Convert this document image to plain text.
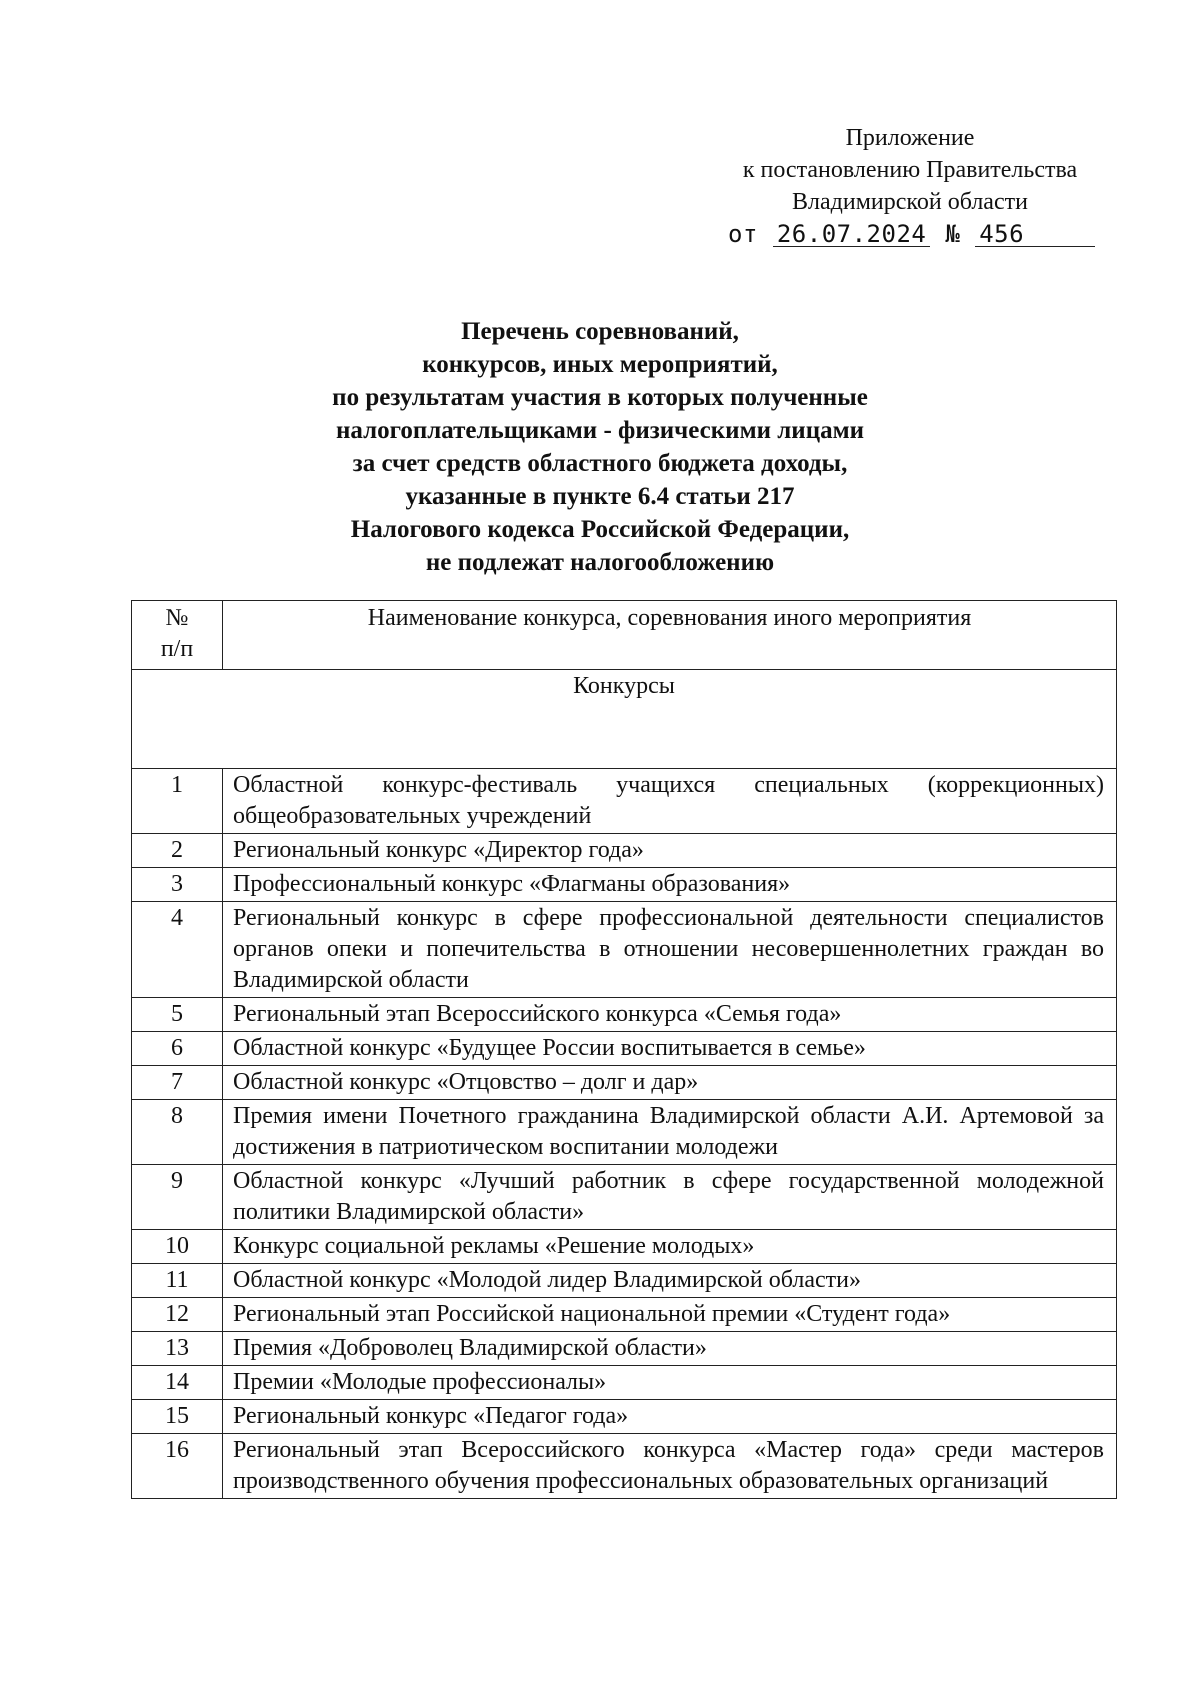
Приложение
к постановлению Правительства
Владимирской области
от 26.07.2024 № 456
Перечень соревнований,
конкурсов, иных мероприятий,
по результатам участия в которых полученные
налогоплательщиками - физическими лицами
за счет средств областного бюджета доходы,
указанные в пункте 6.4 статьи 217
Налогового кодекса Российской Федерации,
не подлежат налогообложению
№
п/п	Наименование конкурса, соревнования иного мероприятия
Конкурсы	
1	Областной конкурс-фестиваль учащихся специальных (коррекционных) общеобразовательных учреждений
2	Региональный конкурс «Директор года»
3	Профессиональный конкурс «Флагманы образования»
4	Региональный конкурс в сфере профессиональной деятельности специалистов органов опеки и попечительства в отношении несовершеннолетних граждан во Владимирской области
5	Региональный этап Всероссийского конкурса «Семья года»
6	Областной конкурс «Будущее России воспитывается в семье»
7	Областной конкурс «Отцовство – долг и дар»
8	Премия имени Почетного гражданина Владимирской области А.И. Артемовой за достижения в патриотическом воспитании молодежи
9	Областной конкурс «Лучший работник в сфере государственной молодежной политики Владимирской области»
10	Конкурс социальной рекламы «Решение молодых»
11	Областной конкурс «Молодой лидер Владимирской области»
12	Региональный этап Российской национальной премии «Студент года»
13	Премия «Доброволец Владимирской области»
14	Премии «Молодые профессионалы»
15	Региональный конкурс «Педагог года»
16	Региональный этап Всероссийского конкурса «Мастер года» среди мастеров производственного обучения профессиональных образовательных организаций
